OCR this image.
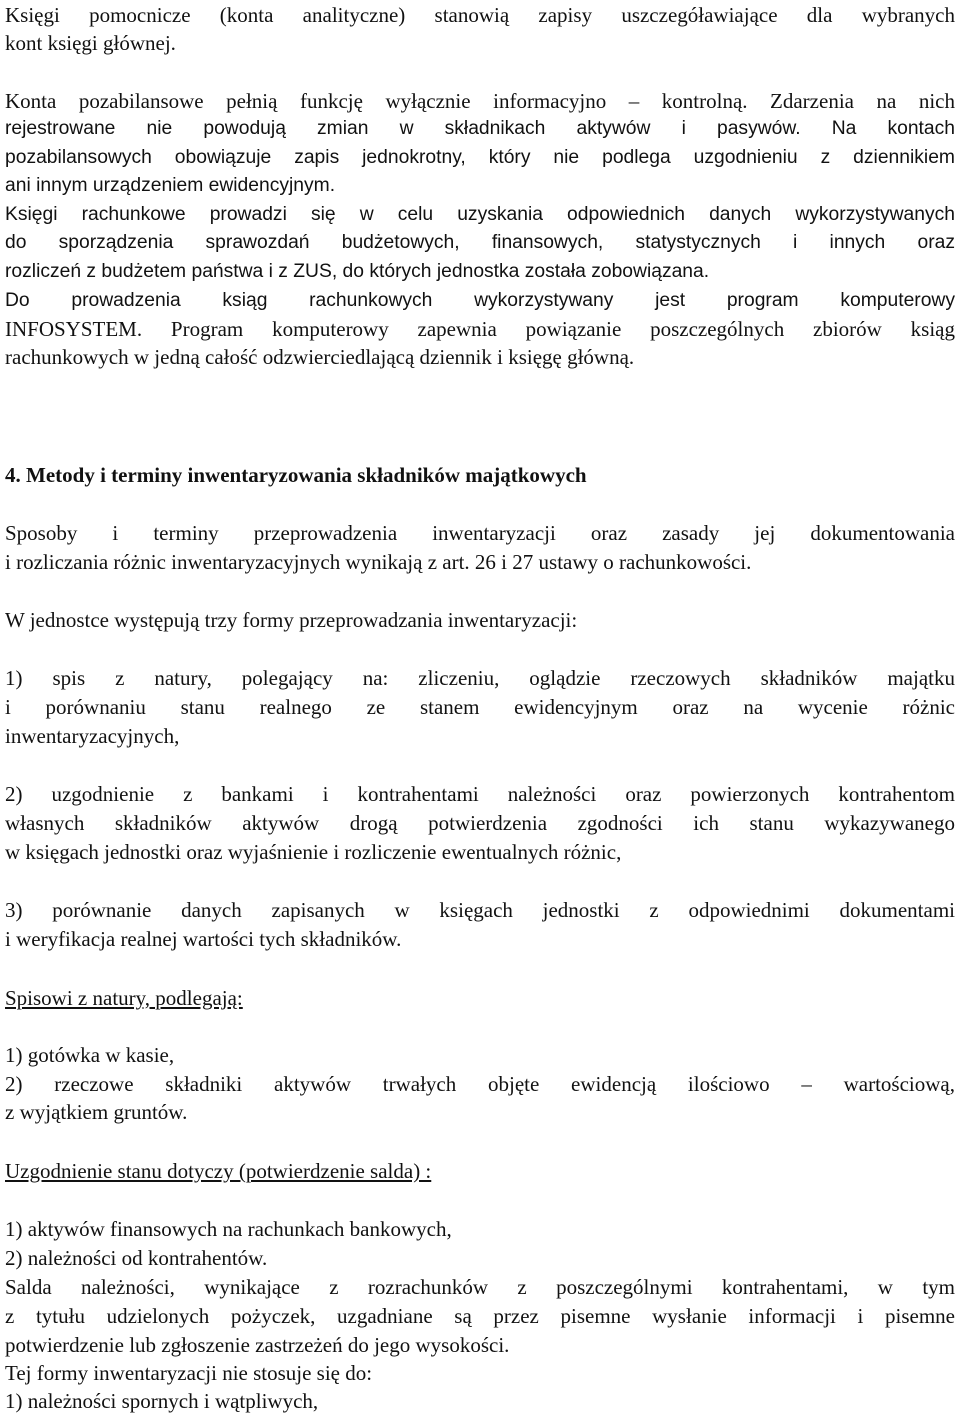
Księgi pomocnicze (konta analityczne) stanowią zapisy uszczegóławiające dla wybranych
kont księgi głównej.
Konta pozabilansowe pełnią funkcję wyłącznie informacyjno – kontrolną. Zdarzenia na nich
rejestrowane nie powodują zmian w składnikach aktywów i pasywów. Na kontach
pozabilansowych obowiązuje zapis jednokrotny, który nie podlega uzgodnieniu z dziennikiem
ani innym urządzeniem ewidencyjnym.
Księgi rachunkowe prowadzi się w celu uzyskania odpowiednich danych wykorzystywanych
do sporządzenia sprawozdań budżetowych, finansowych, statystycznych i innych oraz
rozliczeń z budżetem państwa i z ZUS, do których jednostka została zobowiązana.
Do prowadzenia ksiąg rachunkowych wykorzystywany jest program komputerowy
INFOSYSTEM. Program komputerowy zapewnia powiązanie poszczególnych zbiorów ksiąg
rachunkowych w jedną całość odzwierciedlającą dziennik i księgę główną.
4. Metody i terminy inwentaryzowania składników majątkowych
Sposoby i terminy przeprowadzenia inwentaryzacji oraz zasady jej dokumentowania
i rozliczania różnic inwentaryzacyjnych wynikają z art. 26 i 27 ustawy o rachunkowości.
W jednostce występują trzy formy przeprowadzania inwentaryzacji:
1) spis z natury, polegający na: zliczeniu, oglądzie rzeczowych składników majątku
i porównaniu stanu realnego ze stanem ewidencyjnym oraz na wycenie różnic
inwentaryzacyjnych,
2) uzgodnienie z bankami i kontrahentami należności oraz powierzonych kontrahentom
własnych składników aktywów drogą potwierdzenia zgodności ich stanu wykazywanego
w księgach jednostki oraz wyjaśnienie i rozliczenie ewentualnych różnic,
3) porównanie danych zapisanych w księgach jednostki z odpowiednimi dokumentami
i weryfikacja realnej wartości tych składników.
Spisowi z natury, podlegają:
1) gotówka w kasie,
2) rzeczowe składniki aktywów trwałych objęte ewidencją ilościowo – wartościową,
z wyjątkiem gruntów.
Uzgodnienie stanu dotyczy (potwierdzenie salda) :
1) aktywów finansowych na rachunkach bankowych,
2) należności od kontrahentów.
Salda należności, wynikające z rozrachunków z poszczególnymi kontrahentami, w tym
z tytułu udzielonych pożyczek, uzgadniane są przez pisemne wysłanie informacji i pisemne
potwierdzenie lub zgłoszenie zastrzeżeń do jego wysokości.
Tej formy inwentaryzacji nie stosuje się do:
1) należności spornych i wątpliwych,
